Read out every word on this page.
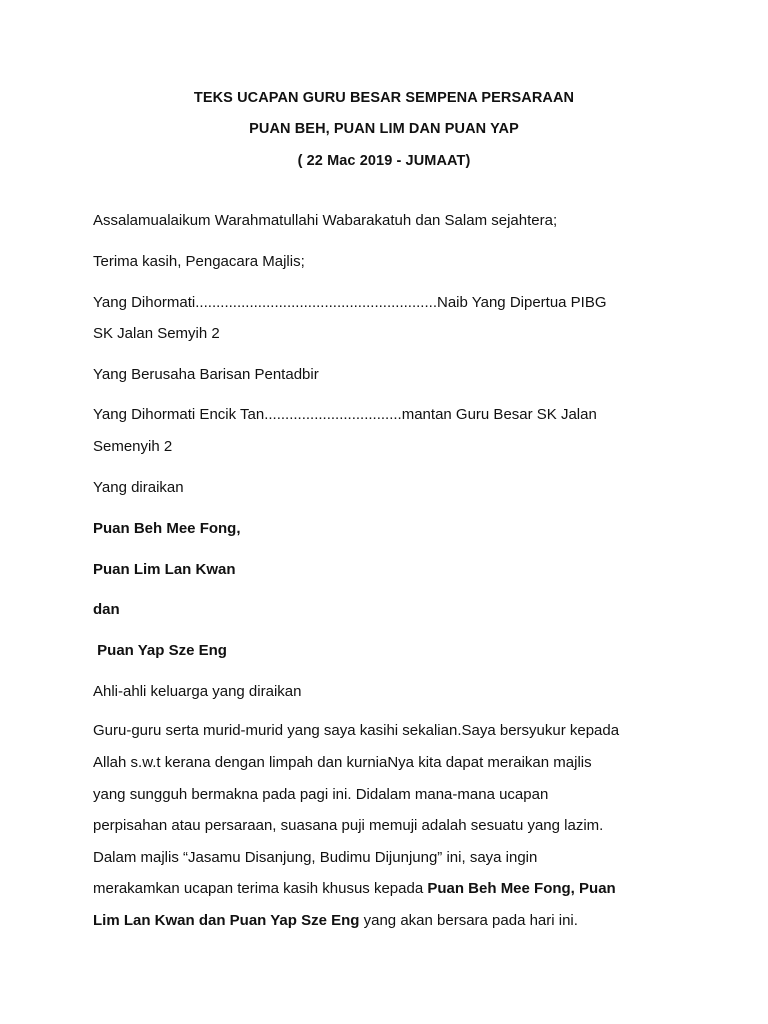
TEKS UCAPAN GURU BESAR SEMPENA PERSARAAN
PUAN BEH, PUAN LIM DAN PUAN YAP
( 22 Mac 2019 - JUMAAT)
Assalamualaikum Warahmatullahi Wabarakatuh dan Salam sejahtera;
Terima kasih, Pengacara Majlis;
Yang Dihormati..........................................................Naib Yang Dipertua PIBG
SK Jalan Semyih 2
Yang Berusaha Barisan Pentadbir
Yang Dihormati Encik Tan.................................mantan Guru Besar SK Jalan
Semenyih 2
Yang diraikan
Puan Beh Mee Fong,
Puan Lim Lan Kwan
dan
Puan Yap Sze Eng
Ahli-ahli keluarga yang diraikan
Guru-guru serta murid-murid yang saya kasihi sekalian.Saya bersyukur kepada
Allah s.w.t kerana dengan limpah dan kurniaNya kita dapat meraikan majlis
yang sungguh bermakna pada pagi ini. Didalam mana-mana ucapan
perpisahan atau persaraan, suasana puji memuji adalah sesuatu yang lazim.
Dalam majlis “Jasamu Disanjung, Budimu Dijunjung” ini, saya ingin
merakamkan ucapan terima kasih khusus kepada Puan Beh Mee Fong, Puan
Lim Lan Kwan dan Puan Yap Sze Eng yang akan bersara pada hari ini.
